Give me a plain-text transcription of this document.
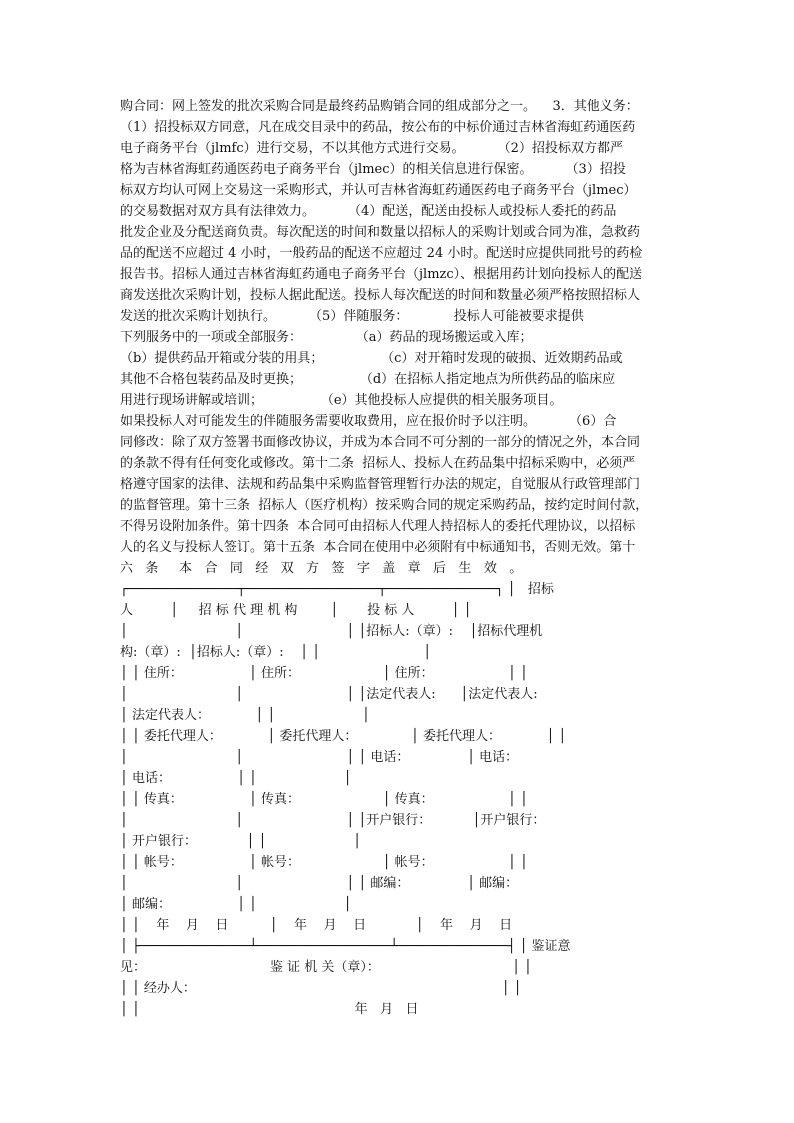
购合同：网上签发的批次采购合同是最终药品购销合同的组成部分之一。    3．其他义务：
（1）招投标双方同意，凡在成交目录中的药品，按公布的中标价通过吉林省海虹药通医药
电子商务平台（jlmfc）进行交易，不以其他方式进行交易。        （2）招投标双方都严
格为吉林省海虹药通医药电子商务平台（jlmec）的相关信息进行保密。        （3）招投
标双方均认可网上交易这一采购形式，并认可吉林省海虹药通医药电子商务平台（jlmec）
的交易数据对双方具有法律效力。        （4）配送，配送由投标人或投标人委托的药品
批发企业及分配送商负责。每次配送的时间和数量以招标人的采购计划或合同为准，急救药
品的配送不应超过 4 小时，一般药品的配送不应超过 24 小时。配送时应提供同批号的药检
报告书。招标人通过吉林省海虹药通电子商务平台（jlmzc）、根据用药计划向投标人的配送
商发送批次采购计划，投标人据此配送。投标人每次配送的时间和数量必须严格按照招标人
发送的批次采购计划执行。        （5）伴随服务：           投标人可能被要求提供
下列服务中的一项或全部服务：             （a）药品的现场搬运或入库；
（b）提供药品开箱或分装的用具；              （c）对开箱时发现的破损、近效期药品或
其他不合格包装药品及时更换；              （d）在招标人指定地点为所供药品的临床应
用进行现场讲解或培训；              （e）其他投标人应提供的相关服务项目。
如果投标人对可能发生的伴随服务需要收取费用，应在报价时予以注明。        （6）合
同修改：除了双方签署书面修改协议，并成为本合同不可分割的一部分的情况之外，本合同
的条款不得有任何变化或修改。第十二条  招标人、投标人在药品集中招标采购中，必须严
格遵守国家的法律、法规和药品集中采购监督管理暂行办法的规定，自觉服从行政管理部门
的监督管理。第十三条  招标人（医疗机构）按采购合同的规定采购药品，按约定时间付款，
不得另设附加条件。第十四条  本合同可由招标人代理人持招标人的委托代理协议，以招标
人的名义与投标人签订。第十五条  本合同在使用中必须附有中标通知书，否则无效。第十
六   条     本   合   同   经   双   方   签   字   盖   章   后   生   效   。
┌──────────────┬─────────────────┬──────────────┐ │   招标
人         │     招 标 代 理 机 构        │       投 标 人         │ │
│                          │                         │ │招标人:（章）:    │招标代理机
构:（章）:  │招标人:（章）:    │ │                         │
│ │ 住所：                │ 住所：                    │ 住所：                  │ │
│                          │                         │ │法定代表人:      │法定代表人:
│ 法定代表人：           │ │                     │
│ │ 委托代理人：           │ 委托代理人：             │ 委托代理人：           │ │
│                          │                         │ │ 电话：              │ 电话：
│ 电话：                │ │                     │
│ │ 传真：                │ 传真：                    │ 传真：                  │ │
│                          │                         │ │开户银行：          │开户银行：
│ 开户银行：            │ │                     │
│ │ 帐号：                │ 帐号：                    │ 帐号：                  │ │
│                          │                         │ │ 邮编：              │ 邮编：
│ 邮编：                │ │                     │
│ │    年    月    日          │    年    月    日            │    年    月    日
│ ├──────────────┴─────────────────┴──────────────┤ │ 鉴证意
见：                              鉴 证 机 关（章）：                                │ │
│ │ 经办人：                                                                          │ │
│ │                                                    年   月   日
